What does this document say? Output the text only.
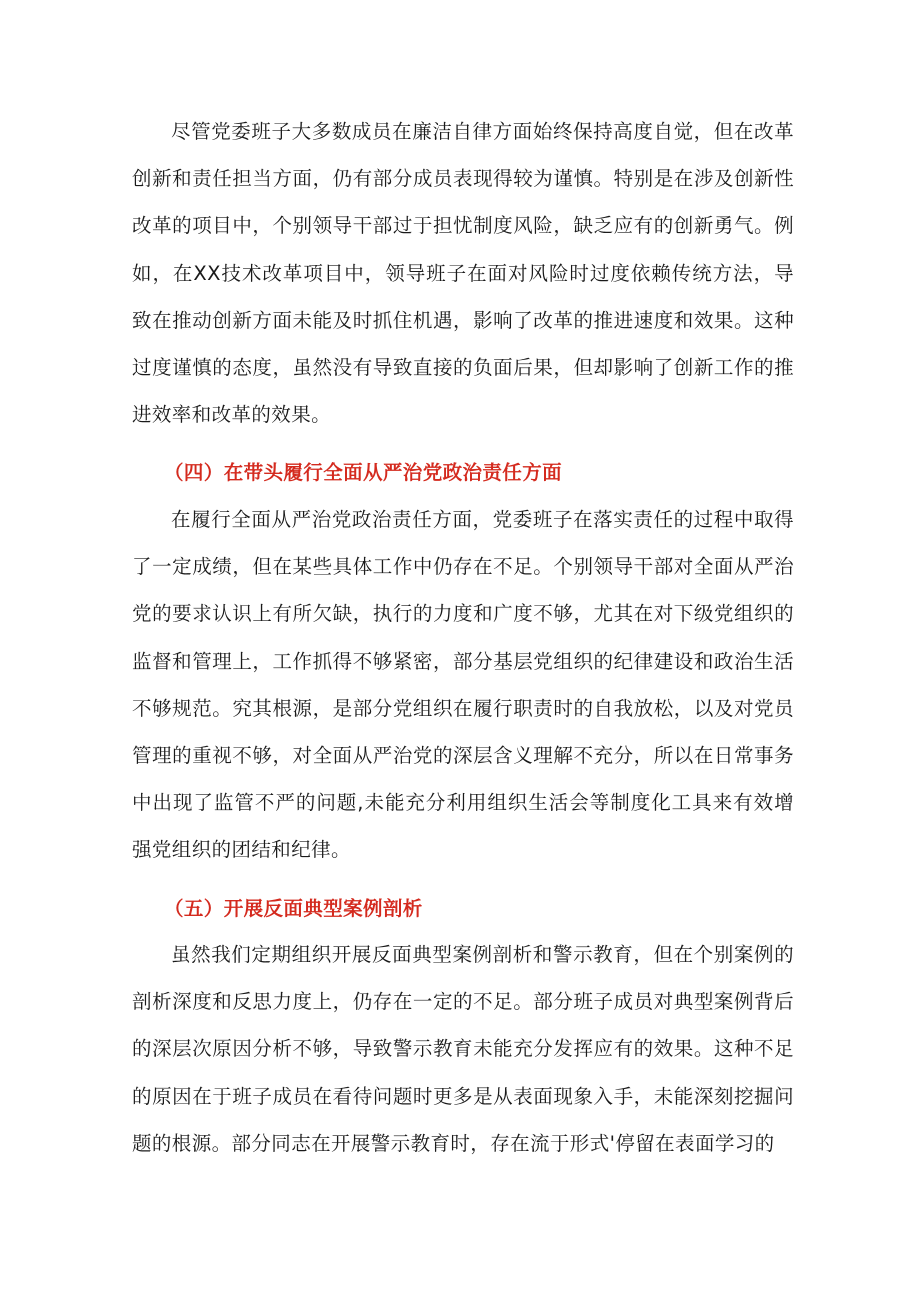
尽管党委班子大多数成员在廉洁自律方面始终保持高度自觉，但在改革创新和责任担当方面，仍有部分成员表现得较为谨慎。特别是在涉及创新性改革的项目中，个别领导干部过于担忧制度风险，缺乏应有的创新勇气。例如，在XX技术改革项目中，领导班子在面对风险时过度依赖传统方法，导致在推动创新方面未能及时抓住机遇，影响了改革的推进速度和效果。这种过度谨慎的态度，虽然没有导致直接的负面后果，但却影响了创新工作的推进效率和改革的效果。

（四）在带头履行全面从严治党政治责任方面

在履行全面从严治党政治责任方面，党委班子在落实责任的过程中取得了一定成绩，但在某些具体工作中仍存在不足。个别领导干部对全面从严治党的要求认识上有所欠缺，执行的力度和广度不够，尤其在对下级党组织的监督和管理上，工作抓得不够紧密，部分基层党组织的纪律建设和政治生活不够规范。究其根源，是部分党组织在履行职责时的自我放松，以及对党员管理的重视不够，对全面从严治党的深层含义理解不充分，所以在日常事务中出现了监管不严的问题,未能充分利用组织生活会等制度化工具来有效增强党组织的团结和纪律。

（五）开展反面典型案例剖析

虽然我们定期组织开展反面典型案例剖析和警示教育，但在个别案例的剖析深度和反思力度上，仍存在一定的不足。部分班子成员对典型案例背后的深层次原因分析不够，导致警示教育未能充分发挥应有的效果。这种不足的原因在于班子成员在看待问题时更多是从表面现象入手，未能深刻挖掘问题的根源。部分同志在开展警示教育时，存在流于形式'停留在表面学习的
